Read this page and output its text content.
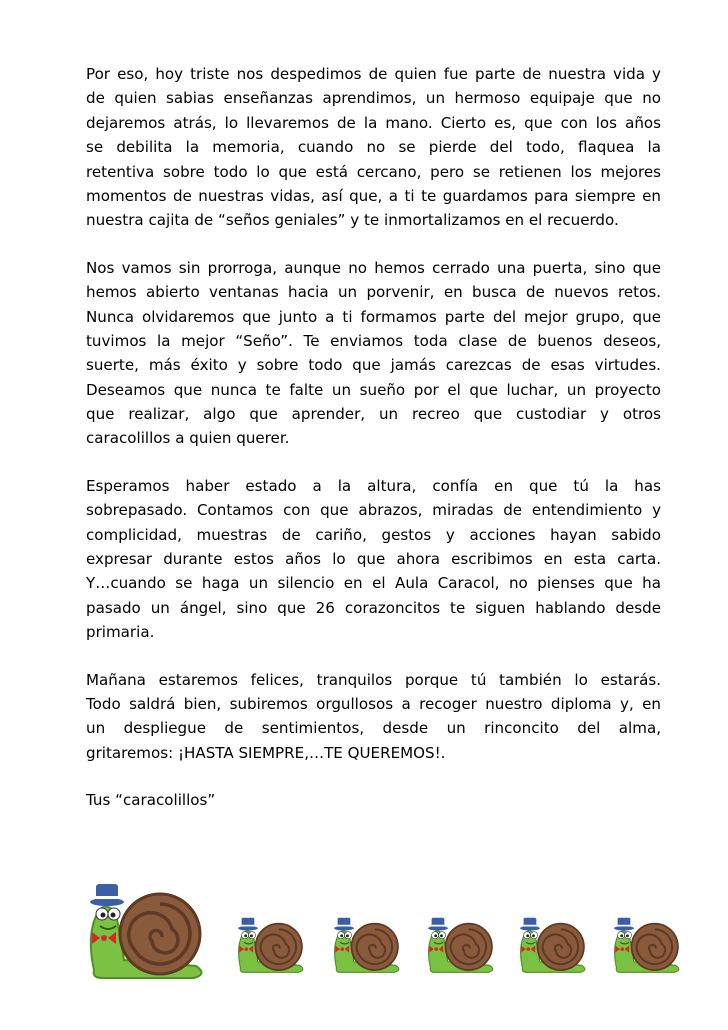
Por eso, hoy triste nos despedimos de quien fue parte de nuestra vida y
de quien sabias enseñanzas aprendimos, un hermoso equipaje que no
dejaremos atrás, lo llevaremos de la mano. Cierto es, que con los años
se debilita la memoria, cuando no se pierde del todo, flaquea la
retentiva sobre todo lo que está cercano, pero se retienen los mejores
momentos de nuestras vidas, así que, a ti te guardamos para siempre en
nuestra cajita de “seños geniales” y te inmortalizamos en el recuerdo.
Nos vamos sin prorroga, aunque no hemos cerrado una puerta, sino que
hemos abierto ventanas hacia un porvenir, en busca de nuevos retos.
Nunca olvidaremos que junto a ti formamos parte del mejor grupo, que
tuvimos la mejor “Seño”. Te enviamos toda clase de buenos deseos,
suerte, más éxito y sobre todo que jamás carezcas de esas virtudes.
Deseamos que nunca te falte un sueño por el que luchar, un proyecto
que realizar, algo que aprender, un recreo que custodiar y otros
caracolillos a quien querer.
Esperamos haber estado a la altura, confía en que tú la has
sobrepasado. Contamos con que abrazos, miradas de entendimiento y
complicidad, muestras de cariño, gestos y acciones hayan sabido
expresar durante estos años lo que ahora escribimos en esta carta.
Y…cuando se haga un silencio en el Aula Caracol, no pienses que ha
pasado un ángel, sino que 26 corazoncitos te siguen hablando desde
primaria.
Mañana estaremos felices, tranquilos porque tú también lo estarás.
Todo saldrá bien, subiremos orgullosos a recoger nuestro diploma y, en
un despliegue de sentimientos, desde un rinconcito del alma,
gritaremos: ¡HASTA SIEMPRE,…TE QUEREMOS!.
Tus “caracolillos”
